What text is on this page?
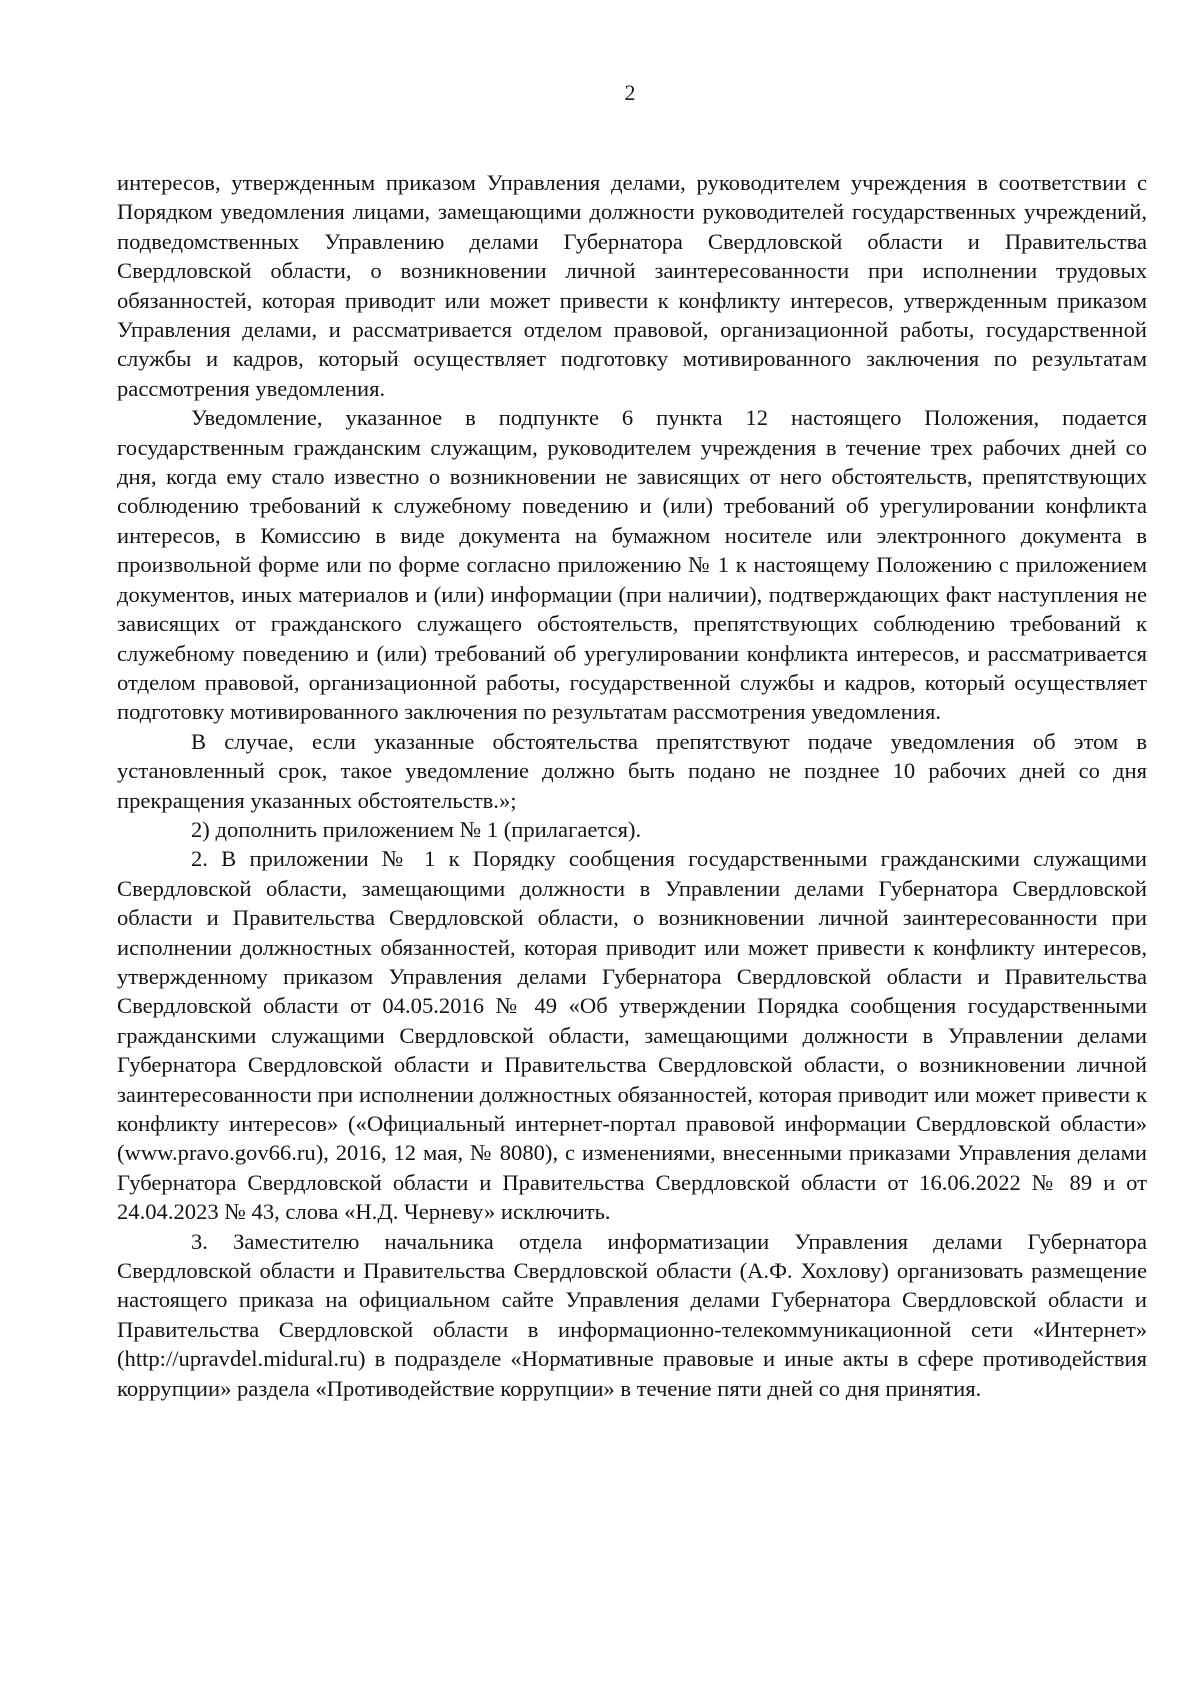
2

интересов, утвержденным приказом Управления делами, руководителем учреждения в соответствии с Порядком уведомления лицами, замещающими должности руководителей государственных учреждений, подведомственных Управлению делами Губернатора Свердловской области и Правительства Свердловской области, о возникновении личной заинтересованности при исполнении трудовых обязанностей, которая приводит или может привести к конфликту интересов, утвержденным приказом Управления делами, и рассматривается отделом правовой, организационной работы, государственной службы и кадров, который осуществляет подготовку мотивированного заключения по результатам рассмотрения уведомления.

Уведомление, указанное в подпункте 6 пункта 12 настоящего Положения, подается государственным гражданским служащим, руководителем учреждения в течение трех рабочих дней со дня, когда ему стало известно о возникновении не зависящих от него обстоятельств, препятствующих соблюдению требований к служебному поведению и (или) требований об урегулировании конфликта интересов, в Комиссию в виде документа на бумажном носителе или электронного документа в произвольной форме или по форме согласно приложению № 1 к настоящему Положению с приложением документов, иных материалов и (или) информации (при наличии), подтверждающих факт наступления не зависящих от гражданского служащего обстоятельств, препятствующих соблюдению требований к служебному поведению и (или) требований об урегулировании конфликта интересов, и рассматривается отделом правовой, организационной работы, государственной службы и кадров, который осуществляет подготовку мотивированного заключения по результатам рассмотрения уведомления.

В случае, если указанные обстоятельства препятствуют подаче уведомления об этом в установленный срок, такое уведомление должно быть подано не позднее 10 рабочих дней со дня прекращения указанных обстоятельств.»;

2) дополнить приложением № 1 (прилагается).

2. В приложении № 1 к Порядку сообщения государственными гражданскими служащими Свердловской области, замещающими должности в Управлении делами Губернатора Свердловской области и Правительства Свердловской области, о возникновении личной заинтересованности при исполнении должностных обязанностей, которая приводит или может привести к конфликту интересов, утвержденному приказом Управления делами Губернатора Свердловской области и Правительства Свердловской области от 04.05.2016 № 49 «Об утверждении Порядка сообщения государственными гражданскими служащими Свердловской области, замещающими должности в Управлении делами Губернатора Свердловской области и Правительства Свердловской области, о возникновении личной заинтересованности при исполнении должностных обязанностей, которая приводит или может привести к конфликту интересов» («Официальный интернет-портал правовой информации Свердловской области» (www.pravo.gov66.ru), 2016, 12 мая, № 8080), с изменениями, внесенными приказами Управления делами Губернатора Свердловской области и Правительства Свердловской области от 16.06.2022 № 89 и от 24.04.2023 № 43, слова «Н.Д. Черневу» исключить.

3. Заместителю начальника отдела информатизации Управления делами Губернатора Свердловской области и Правительства Свердловской области (А.Ф. Хохлову) организовать размещение настоящего приказа на официальном сайте Управления делами Губернатора Свердловской области и Правительства Свердловской области в информационно-телекоммуникационной сети «Интернет» (http://upravdel.midural.ru) в подразделе «Нормативные правовые и иные акты в сфере противодействия коррупции» раздела «Противодействие коррупции» в течение пяти дней со дня принятия.
